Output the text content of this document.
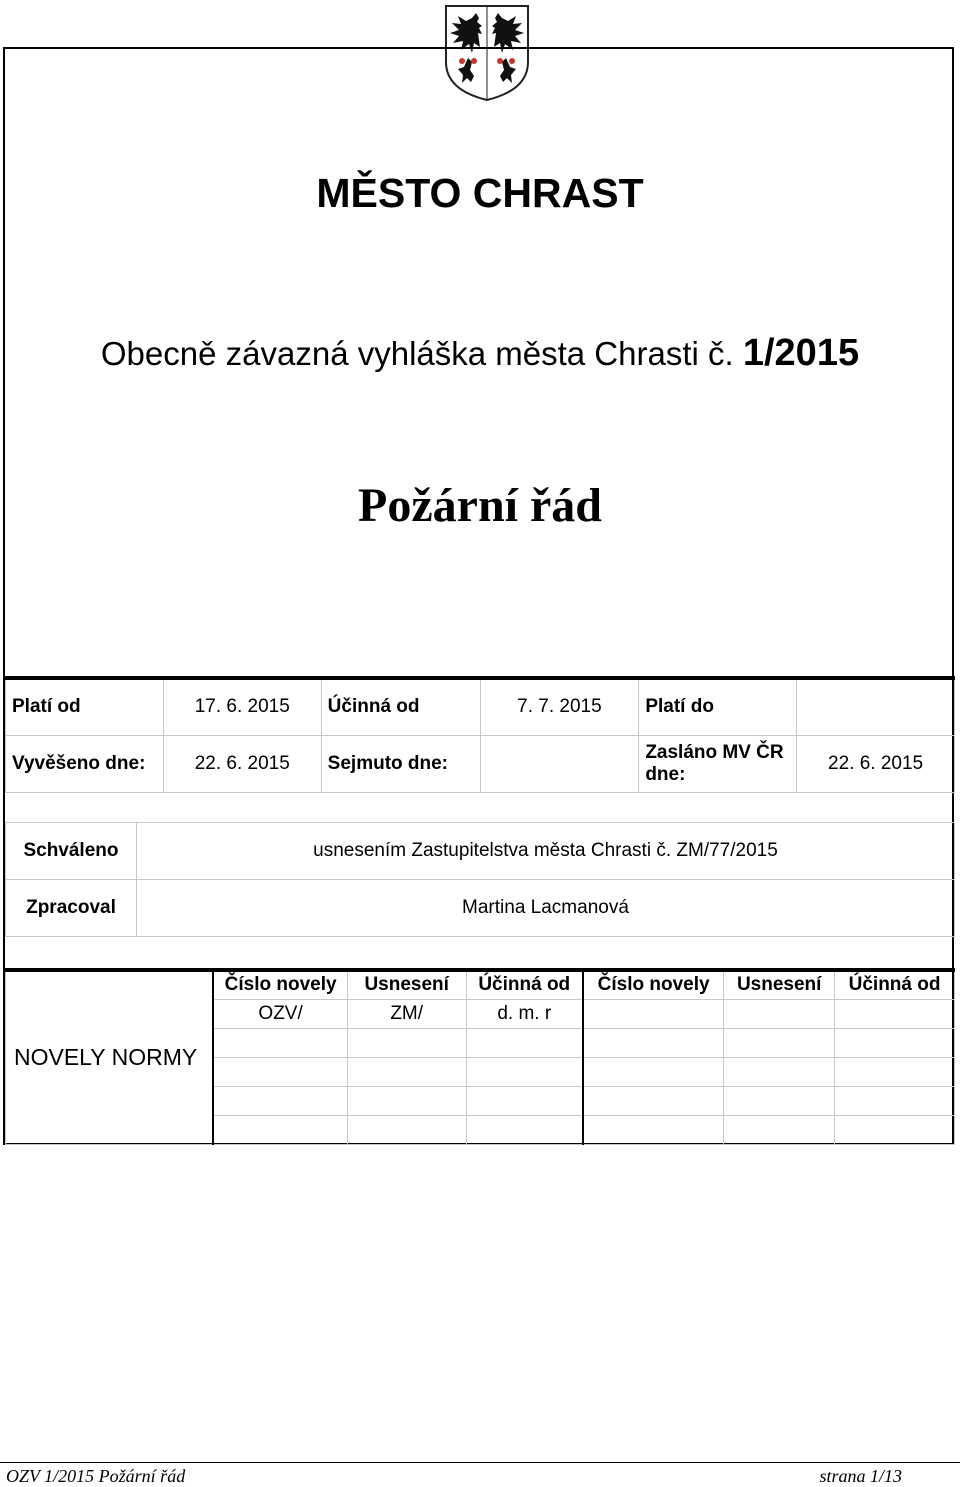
MĚSTO CHRAST
Obecně závazná vyhláška města Chrasti č. 1/2015
Požární řád
Platí od	17. 6. 2015	Účinná od	7. 7. 2015	Platí do	
Vyvěšeno dne:	22. 6. 2015	Sejmuto dne:		Zasláno MV ČR dne:	22. 6. 2015
Schváleno	usnesením Zastupitelstva města Chrasti č. ZM/77/2015
Zpracoval	Martina Lacmanová
NOVELY NORMY	Číslo novely	Usnesení	Účinná od	Číslo novely	Usnesení	Účinná od
	OZV/	ZM/	d. m. r			

OZV 1/2015 Požární řád	strana 1/13
